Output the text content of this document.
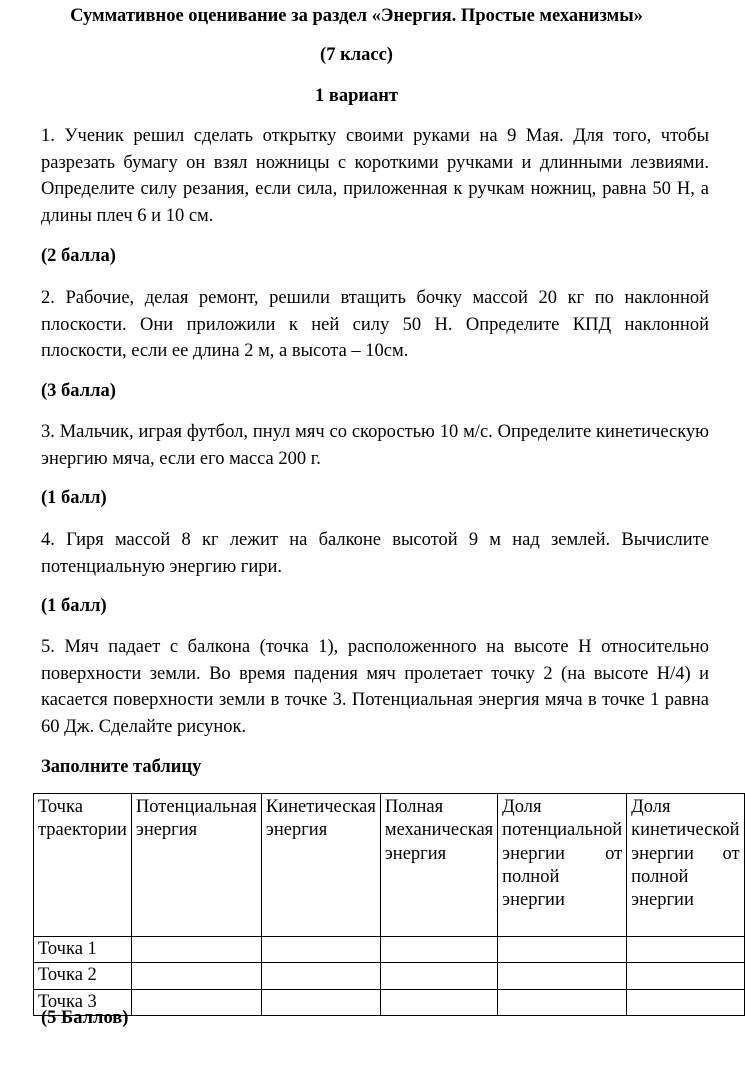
Суммативное оценивание за раздел «Энергия. Простые механизмы»
(7 класс)
1 вариант
1. Ученик решил сделать открытку своими руками на 9 Мая. Для того, чтобы разрезать бумагу он взял ножницы с короткими ручками и длинными лезвиями. Определите силу резания, если сила, приложенная к ручкам ножниц, равна 50 Н, а длины плеч 6 и 10 см.
(2 балла)
2. Рабочие, делая ремонт, решили втащить бочку массой 20 кг по наклонной плоскости. Они приложили к ней силу 50 Н. Определите КПД наклонной плоскости, если ее длина 2 м, а высота – 10см.
(3 балла)
3. Мальчик, играя футбол, пнул мяч со скоростью 10 м/с. Определите кинетическую энергию мяча, если его масса 200 г.
(1 балл)
4. Гиря массой 8 кг лежит на балконе высотой 9 м над землей. Вычислите потенциальную энергию гири.
(1 балл)
5. Мяч падает с балкона (точка 1), расположенного на высоте Н относительно поверхности земли. Во время падения мяч пролетает точку 2 (на высоте Н/4) и касается поверхности земли в точке 3. Потенциальная энергия мяча в точке 1 равна 60 Дж. Сделайте рисунок.
Заполните таблицу
Точка траектории	Потенциальная энергия	Кинетическая энергия	Полная механическая энергия	Доля потенциальной энергии от полной энергии	Доля кинетической энергии от полной энергии
Точка 1					
Точка 2					
Точка 3					
(5 Баллов)
